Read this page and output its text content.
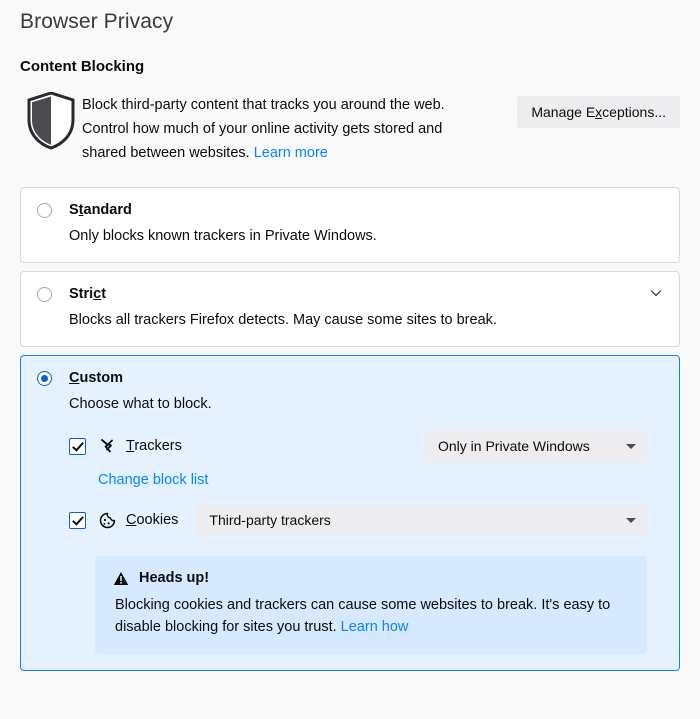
Browser Privacy
Content Blocking
Block third-party content that tracks you around the web.
Control how much of your online activity gets stored and
shared between websites. Learn more
Manage Exceptions...
Standard
Only blocks known trackers in Private Windows.
Strict
Blocks all trackers Firefox detects. May cause some sites to break.
Custom
Choose what to block.
Trackers	Only in Private Windows
Change block list
Cookies Third-party trackers
Heads up!
Blocking cookies and trackers can cause some websites to break. It's easy to
disable blocking for sites you trust. Learn how
